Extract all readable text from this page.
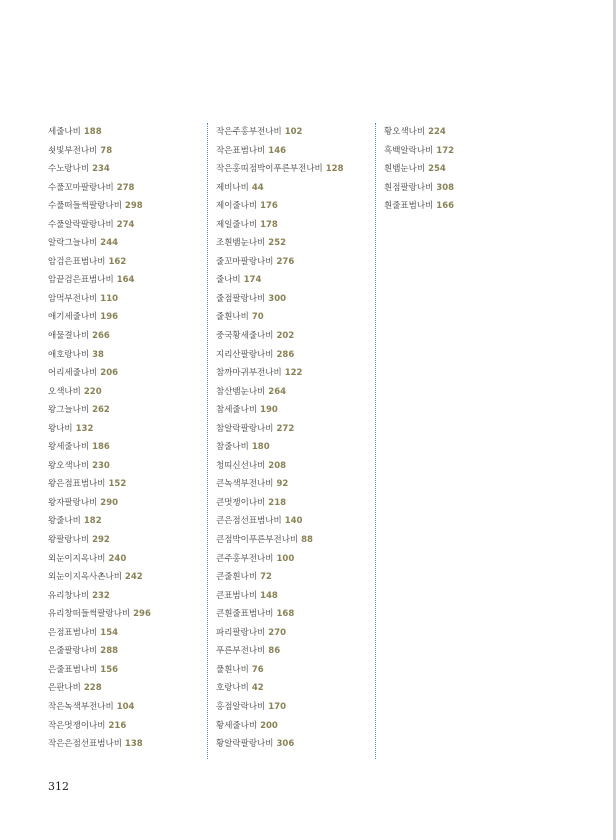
세줄나비 188
쇳빛부전나비 78
수노랑나비 234
수풀꼬마팔랑나비 278
수풀떠들썩팔랑나비 298
수풀알락팔랑나비 274
알락그늘나비 244
암검은표범나비 162
암끝검은표범나비 164
암먹부전나비 110
애기세줄나비 196
애물결나비 266
애호랑나비 38
어리세줄나비 206
오색나비 220
왕그늘나비 262
왕나비 132
왕세줄나비 186
왕오색나비 230
왕은점표범나비 152
왕자팔랑나비 290
왕줄나비 182
왕팔랑나비 292
외눈이지옥나비 240
외눈이지옥사촌나비 242
유리창나비 232
유리창떠들썩팔랑나비 296
은점표범나비 154
은줄팔랑나비 288
은줄표범나비 156
은판나비 228
작은녹색부전나비 104
작은멋쟁이나비 216
작은은점선표범나비 138
작은주홍부전나비 102
작은표범나비 146
작은홍띠점박이푸른부전나비 128
제비나비 44
제이줄나비 176
제일줄나비 178
조흰뱀눈나비 252
줄꼬마팔랑나비 276
줄나비 174
줄점팔랑나비 300
줄흰나비 70
중국황세줄나비 202
지리산팔랑나비 286
참까마귀부전나비 122
참산뱀눈나비 264
참세줄나비 190
참알락팔랑나비 272
참줄나비 180
청띠신선나비 208
큰녹색부전나비 92
큰멋쟁이나비 218
큰은점선표범나비 140
큰점박이푸른부전나비 88
큰주홍부전나비 100
큰줄흰나비 72
큰표범나비 148
큰흰줄표범나비 168
파리팔랑나비 270
푸른부전나비 86
풀흰나비 76
호랑나비 42
홍점알락나비 170
황세줄나비 200
황알락팔랑나비 306
황오색나비 224
흑백알락나비 172
흰뱀눈나비 254
흰점팔랑나비 308
흰줄표범나비 166
312
